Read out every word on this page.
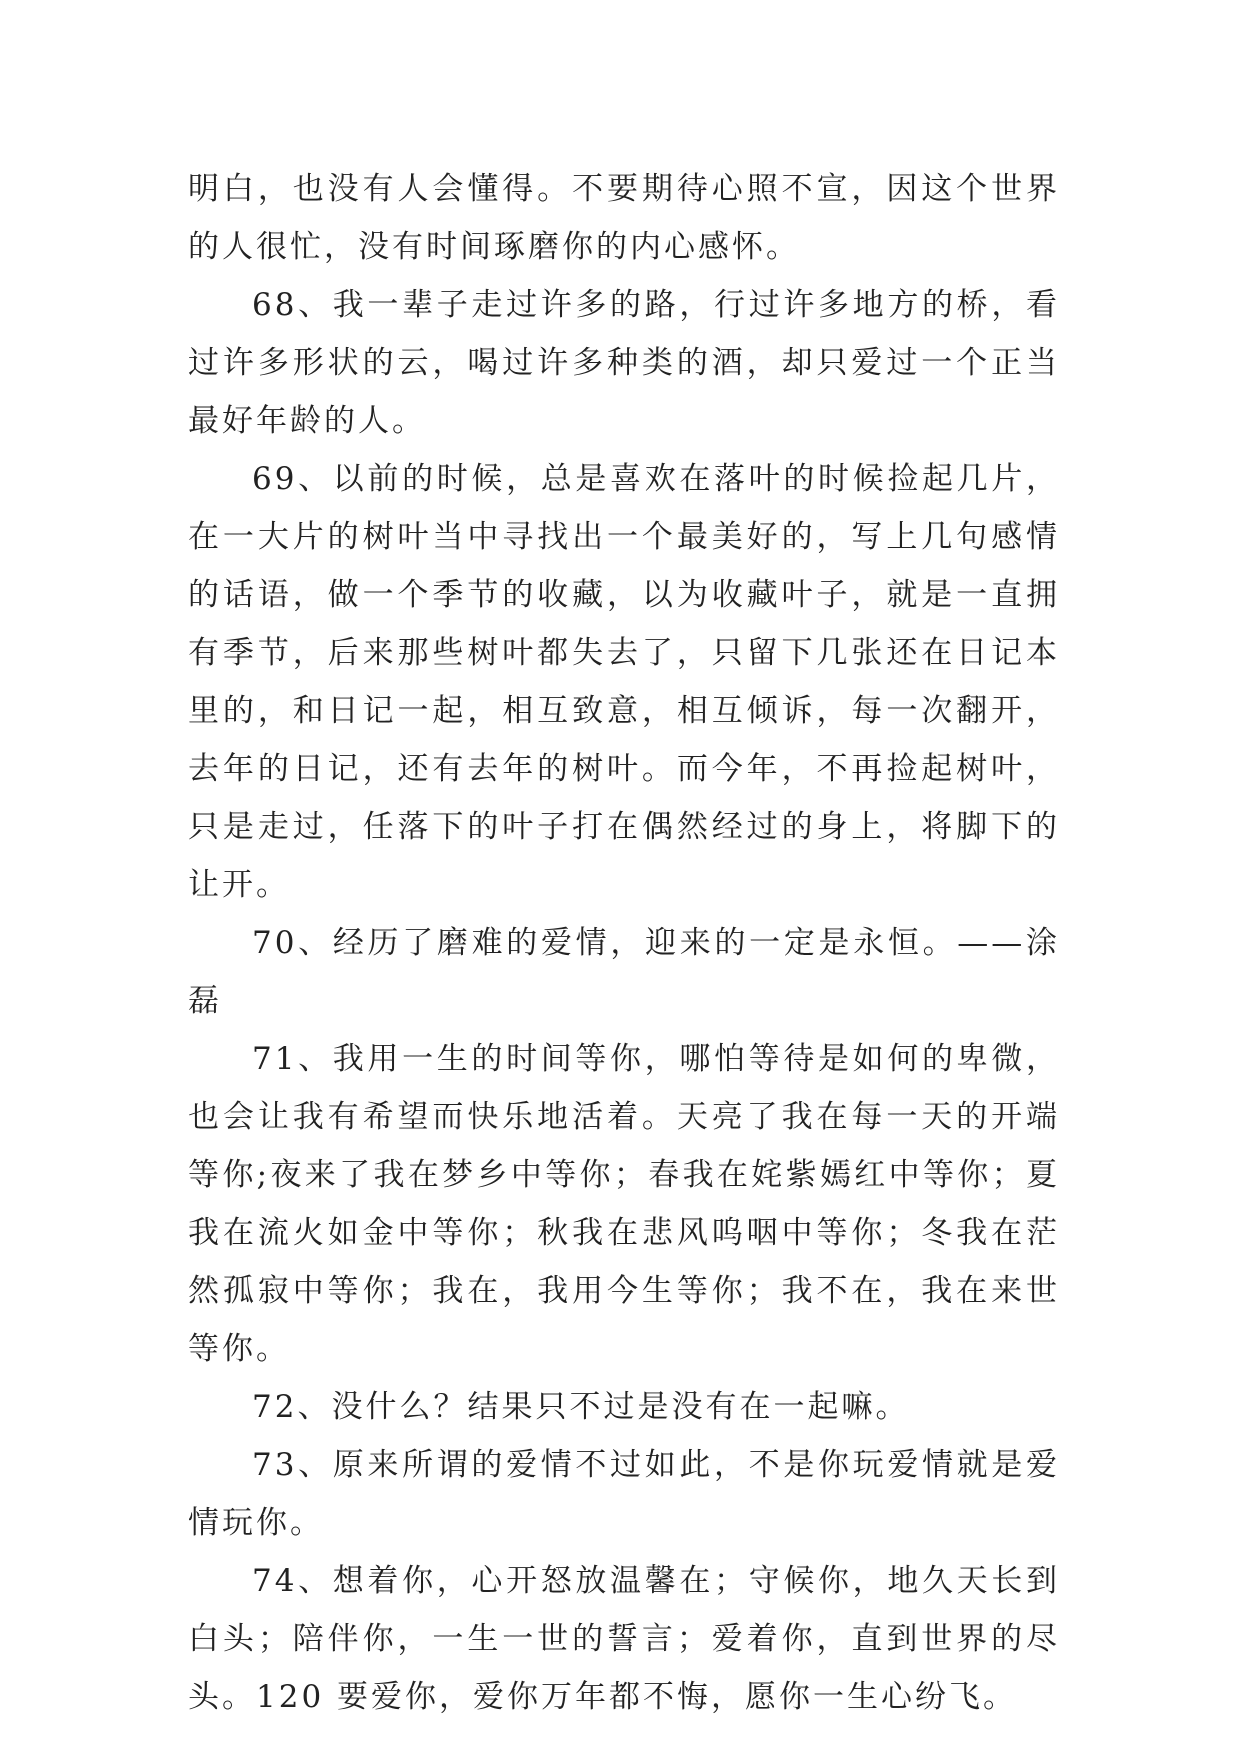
明白，也没有人会懂得。不要期待心照不宣，因这个世界的人很忙，没有时间琢磨你的内心感怀。

68、我一辈子走过许多的路，行过许多地方的桥，看过许多形状的云，喝过许多种类的酒，却只爱过一个正当最好年龄的人。

69、以前的时候，总是喜欢在落叶的时候捡起几片，在一大片的树叶当中寻找出一个最美好的，写上几句感情的话语，做一个季节的收藏，以为收藏叶子，就是一直拥有季节，后来那些树叶都失去了，只留下几张还在日记本里的，和日记一起，相互致意，相互倾诉，每一次翻开，去年的日记，还有去年的树叶。而今年，不再捡起树叶，只是走过，任落下的叶子打在偶然经过的身上，将脚下的让开。

70、经历了磨难的爱情，迎来的一定是永恒。——涂磊

71、我用一生的时间等你，哪怕等待是如何的卑微，也会让我有希望而快乐地活着。天亮了我在每一天的开端等你;夜来了我在梦乡中等你；春我在姹紫嫣红中等你；夏我在流火如金中等你；秋我在悲风呜咽中等你；冬我在茫然孤寂中等你；我在，我用今生等你；我不在，我在来世等你。

72、没什么？结果只不过是没有在一起嘛。

73、原来所谓的爱情不过如此，不是你玩爱情就是爱情玩你。

74、想着你，心开怒放温馨在；守候你，地久天长到白头；陪伴你，一生一世的誓言；爱着你，直到世界的尽头。120 要爱你，爱你万年都不悔，愿你一生心纷飞。
